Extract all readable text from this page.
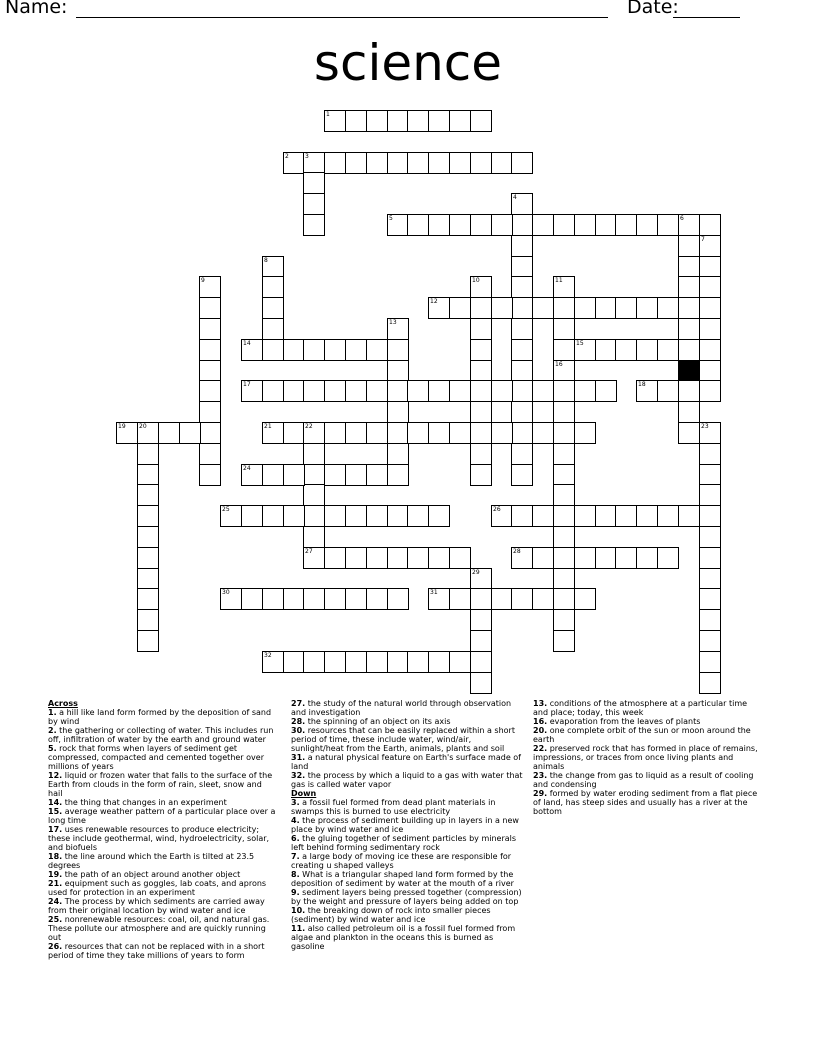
Name:	Date:
science
1
2	3
4
5	6
7
8
9	10	11
12
13
14	15
16
17	18
19 20	21	22
27
23
24
25	26
28
29
30	31
32
Across
1. a hill like land form formed by the deposition of sand by wind
2. the gathering or collecting of water. This includes run off, infiltration of water by the earth and ground water
5. rock that forms when layers of sediment get compressed, compacted and cemented together over millions of years
12. liquid or frozen water that falls to the surface of the Earth from clouds in the form of rain, sleet, snow and hail
14. the thing that changes in an experiment
15. average weather pattern of a particular place over a long time
17. uses renewable resources to produce electricity; these include geothermal, wind, hydroelectricity, solar, and biofuels
18. the line around which the Earth is tilted at 23.5 degrees
19. the path of an object around another object
21. equipment such as goggles, lab coats, and aprons used for protection in an experiment
24. The process by which sediments are carried away from their original location by wind water and ice
25. nonrenewable resources: coal, oil, and natural gas. These pollute our atmosphere and are quickly running out
26. resources that can not be replaced with in a short period of time they take millions of years to form
27. the study of the natural world through observation and investigation
28. the spinning of an object on its axis
30. resources that can be easily replaced within a short period of time, these include water, wind/air, sunlight/heat from the Earth, animals, plants and soil
31. a natural physical feature on Earth's surface made of land
32. the process by which a liquid to a gas with water that gas is called water vapor
Down
3. a fossil fuel formed from dead plant materials in swamps this is burned to use electricity
4. the process of sediment building up in layers in a new place by wind water and ice
6. the gluing together of sediment particles by minerals left behind forming sedimentary rock
7. a large body of moving ice these are responsible for creating u shaped valleys
8. What is a triangular shaped land form formed by the deposition of sediment by water at the mouth of a river
9. sediment layers being pressed together (compression) by the weight and pressure of layers being added on top
10. the breaking down of rock into smaller pieces (sediment) by wind water and ice
11. also called petroleum oil is a fossil fuel formed from algae and plankton in the oceans this is burned as gasoline
13. conditions of the atmosphere at a particular time and place; today, this week
16. evaporation from the leaves of plants
20. one complete orbit of the sun or moon around the earth
22. preserved rock that has formed in place of remains, impressions, or traces from once living plants and animals
23. the change from gas to liquid as a result of cooling and condensing
29. formed by water eroding sediment from a flat piece of land, has steep sides and usually has a river at the bottom
